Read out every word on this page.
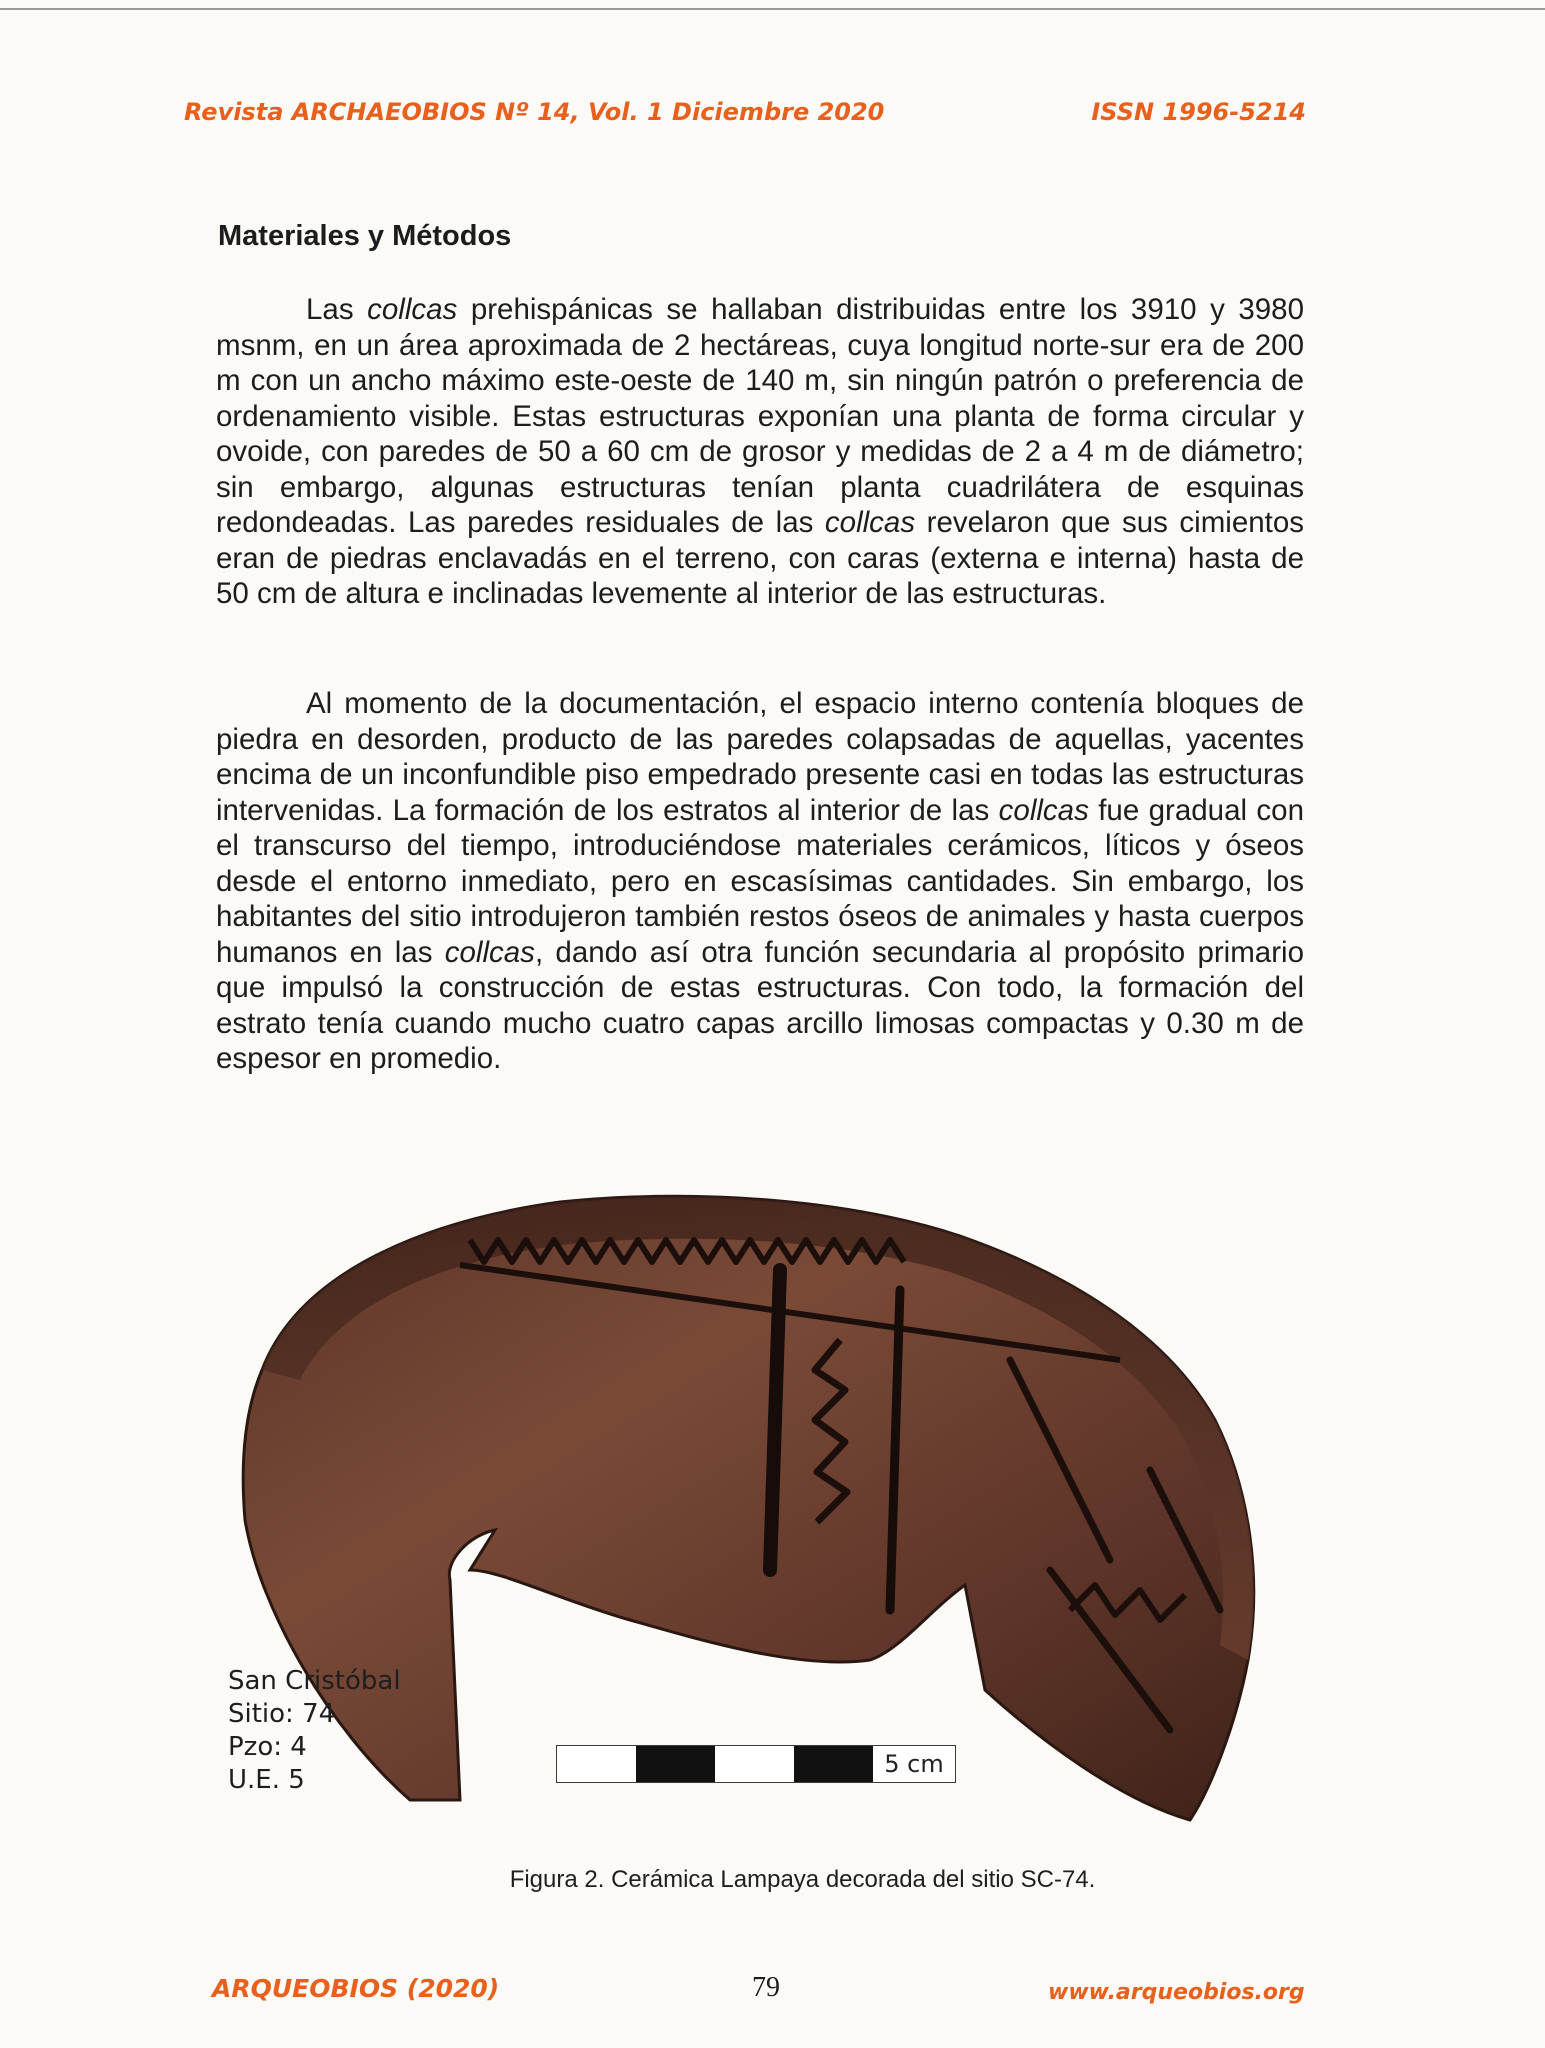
Revista ARCHAEOBIOS Nº 14, Vol. 1 Diciembre 2020	ISSN 1996-5214
Materiales y Métodos

Las collcas prehispánicas se hallaban distribuidas entre los 3910 y 3980 msnm, en un área aproximada de 2 hectáreas, cuya longitud norte-sur era de 200 m con un ancho máximo este-oeste de 140 m, sin ningún patrón o preferencia de ordenamiento visible. Estas estructuras exponían una planta de forma circular y ovoide, con paredes de 50 a 60 cm de grosor y medidas de 2 a 4 m de diámetro; sin embargo, algunas estructuras tenían planta cuadrilátera de esquinas redondeadas. Las paredes residuales de las collcas revelaron que sus cimientos eran de piedras enclavadás en el terreno, con caras (externa e interna) hasta de 50 cm de altura e inclinadas levemente al interior de las estructuras.

Al momento de la documentación, el espacio interno contenía bloques de piedra en desorden, producto de las paredes colapsadas de aquellas, yacentes encima de un inconfundible piso empedrado presente casi en todas las estructuras intervenidas. La formación de los estratos al interior de las collcas fue gradual con el transcurso del tiempo, introduciéndose materiales cerámicos, líticos y óseos desde el entorno inmediato, pero en escasísimas cantidades. Sin embargo, los habitantes del sitio introdujeron también restos óseos de animales y hasta cuerpos humanos en las collcas, dando así otra función secundaria al propósito primario que impulsó la construcción de estas estructuras. Con todo, la formación del estrato tenía cuando mucho cuatro capas arcillo limosas compactas y 0.30 m de espesor en promedio.

San Cristóbal
Sitio: 74
Pzo: 4
U.E. 5
5 cm
Figura 2. Cerámica Lampaya decorada del sitio SC-74.
ARQUEOBIOS (2020)	79	www.arqueobios.org
